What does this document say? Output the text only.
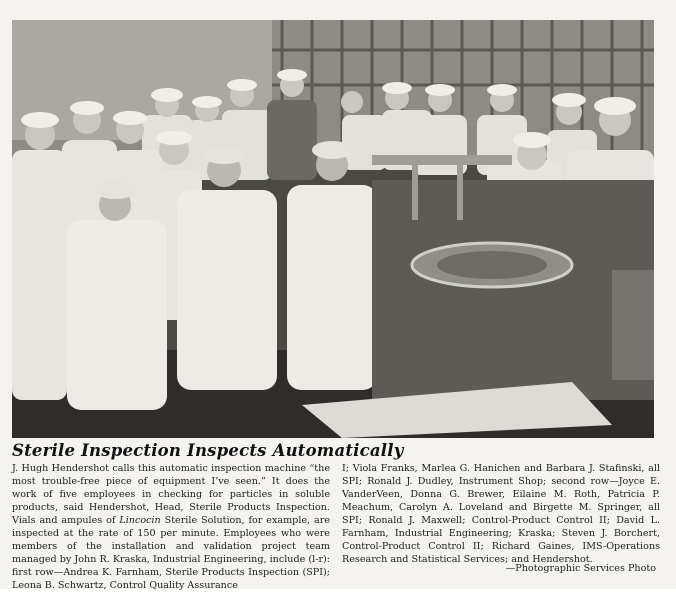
Sterile Inspection Inspects Automatically

J. Hugh Hendershot calls this automatic inspection machine “the most trouble-free piece of equipment I’ve seen.” It does the work of five employees in checking for particles in soluble products, said Hendershot, Head, Sterile Products Inspection. Vials and ampules of Lincocin Sterile Solution, for example, are inspected at the rate of 150 per minute. Employees who were members of the installation and validation project team managed by John R. Kraska, Industrial Engineering, include (l-r): first row—Andrea K. Farnham, Sterile Products Inspection (SPI); Leona B. Schwartz, Control Quality Assurance

I; Viola Franks, Marlea G. Hanichen and Barbara J. Stafinski, all SPI; Ronald J. Dudley, Instrument Shop; second row—Joyce E. VanderVeen, Donna G. Brewer, Eilaine M. Roth, Patricia P. Meachum, Carolyn A. Loveland and Birgette M. Springer, all SPI; Ronald J. Maxwell; Control-Product Control II; David L. Farnham, Industrial Engineering; Kraska; Steven J. Borchert, Control-Product Control II; Richard Gaines, IMS-Operations Research and Statistical Services; and Hendershot.

—Photographic Services Photo
